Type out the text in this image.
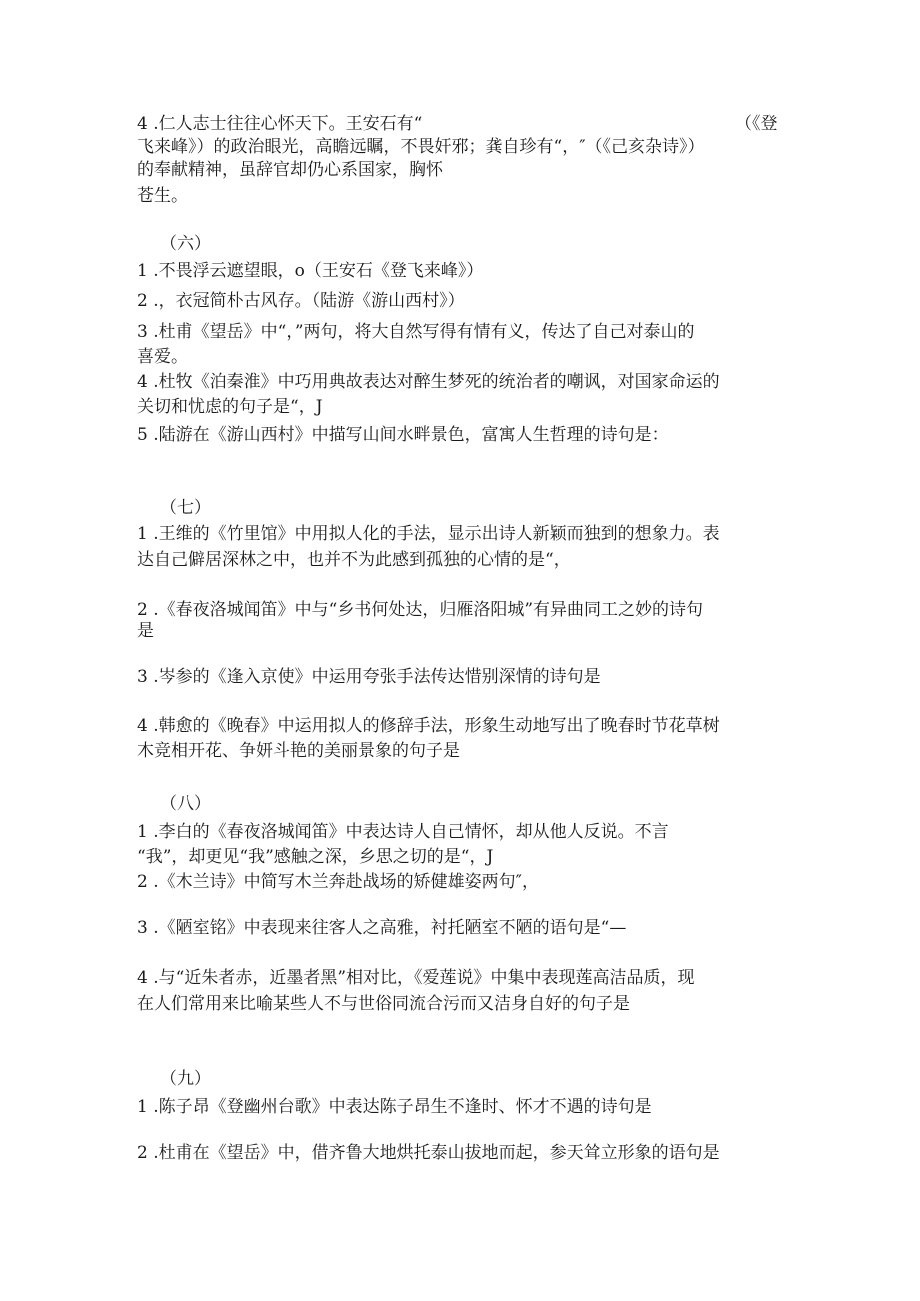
4 .仁人志士往往心怀天下。王安石有“	（《登
飞来峰》）的政治眼光，高瞻远瞩，不畏奸邪；龚自珍有“，″（《己亥杂诗》）
的奉献精神，虽辞官却仍心系国家，胸怀
苍生。
（六）
1 .不畏浮云遮望眼，o（王安石《登飞来峰》）
2 .，衣冠简朴古风存。（陆游《游山西村》）
3 .杜甫《望岳》中“，”两句，将大自然写得有情有义，传达了自己对泰山的
喜爱。
4 .杜牧《泊秦淮》中巧用典故表达对醉生梦死的统治者的嘲讽，对国家命运的
关切和忧虑的句子是“，J
5 .陆游在《游山西村》中描写山间水畔景色，富寓人生哲理的诗句是：
（七）
1 .王维的《竹里馆》中用拟人化的手法，显示出诗人新颖而独到的想象力。表
达自己僻居深林之中，也并不为此感到孤独的心情的是“，
2 .《春夜洛城闻笛》中与“乡书何处达，归雁洛阳城”有异曲同工之妙的诗句
是
3 .岑参的《逢入京使》中运用夸张手法传达惜别深情的诗句是
4 .韩愈的《晚春》中运用拟人的修辞手法，形象生动地写出了晚春时节花草树
木竞相开花、争妍斗艳的美丽景象的句子是
（八）
1 .李白的《春夜洛城闻笛》中表达诗人自己情怀，却从他人反说。不言
“我”，却更见“我”感触之深，乡思之切的是“，J
2 .《木兰诗》中简写木兰奔赴战场的矫健雄姿两句″，
3 .《陋室铭》中表现来往客人之高雅，衬托陋室不陋的语句是“—
4 .与“近朱者赤，近墨者黑”相对比，《爱莲说》中集中表现莲高洁品质，现
在人们常用来比喻某些人不与世俗同流合污而又洁身自好的句子是
（九）
1 .陈子昂《登幽州台歌》中表达陈子昂生不逢时、怀才不遇的诗句是
2 .杜甫在《望岳》中，借齐鲁大地烘托泰山拔地而起，参天耸立形象的语句是
